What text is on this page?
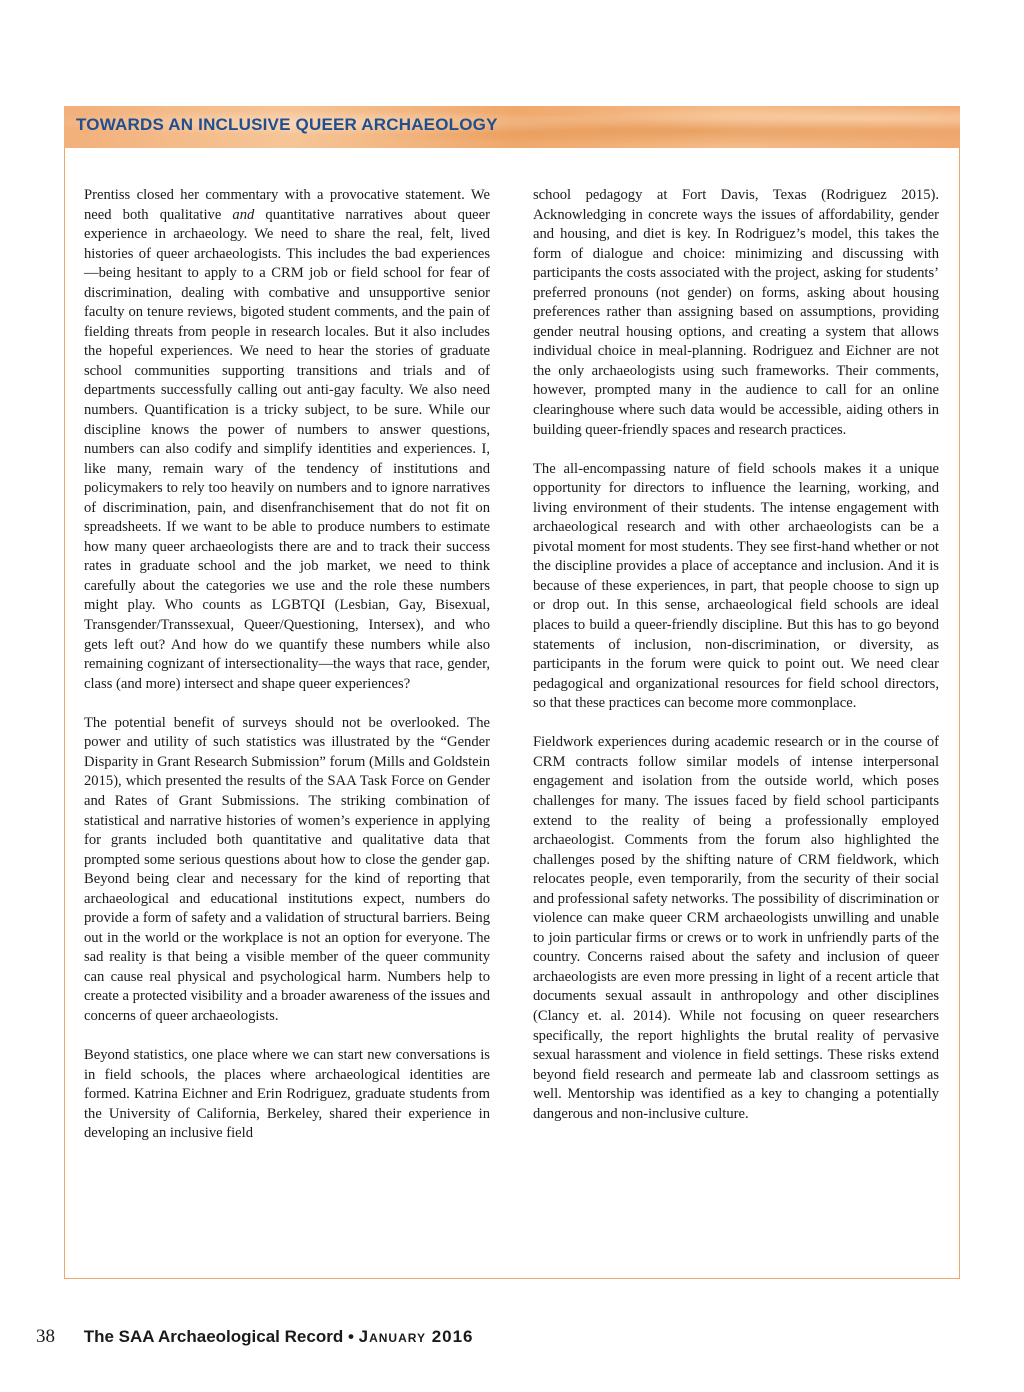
TOWARDS AN INCLUSIVE QUEER ARCHAEOLOGY

Prentiss closed her commentary with a provocative statement. We need both qualitative and quantitative narratives about queer experience in archaeology. We need to share the real, felt, lived histories of queer archaeologists. This includes the bad experiences—being hesitant to apply to a CRM job or field school for fear of discrimination, dealing with combative and unsupportive senior faculty on tenure reviews, bigoted student comments, and the pain of fielding threats from people in research locales. But it also includes the hopeful experiences. We need to hear the stories of graduate school communities supporting transitions and trials and of departments successfully calling out anti-gay faculty. We also need numbers. Quantification is a tricky subject, to be sure. While our discipline knows the power of numbers to answer questions, numbers can also codify and simplify identities and experiences. I, like many, remain wary of the tendency of institutions and policymakers to rely too heavily on numbers and to ignore narratives of discrimination, pain, and disenfranchisement that do not fit on spreadsheets. If we want to be able to produce numbers to estimate how many queer archaeologists there are and to track their success rates in graduate school and the job market, we need to think carefully about the categories we use and the role these numbers might play. Who counts as LGBTQI (Lesbian, Gay, Bisexual, Transgender/Transsexual, Queer/Questioning, Intersex), and who gets left out? And how do we quantify these numbers while also remaining cognizant of intersectionality—the ways that race, gender, class (and more) intersect and shape queer experiences?

The potential benefit of surveys should not be overlooked. The power and utility of such statistics was illustrated by the “Gender Disparity in Grant Research Submission” forum (Mills and Goldstein 2015), which presented the results of the SAA Task Force on Gender and Rates of Grant Submissions. The striking combination of statistical and narrative histories of women’s experience in applying for grants included both quantitative and qualitative data that prompted some serious questions about how to close the gender gap. Beyond being clear and necessary for the kind of reporting that archaeological and educational institutions expect, numbers do provide a form of safety and a validation of structural barriers. Being out in the world or the workplace is not an option for everyone. The sad reality is that being a visible member of the queer community can cause real physical and psychological harm. Numbers help to create a protected visibility and a broader awareness of the issues and concerns of queer archaeologists.

Beyond statistics, one place where we can start new conversations is in field schools, the places where archaeological identities are formed. Katrina Eichner and Erin Rodriguez, graduate students from the University of California, Berkeley, shared their experience in developing an inclusive field

school pedagogy at Fort Davis, Texas (Rodriguez 2015). Acknowledging in concrete ways the issues of affordability, gender and housing, and diet is key. In Rodriguez’s model, this takes the form of dialogue and choice: minimizing and discussing with participants the costs associated with the project, asking for students’ preferred pronouns (not gender) on forms, asking about housing preferences rather than assigning based on assumptions, providing gender neutral housing options, and creating a system that allows individual choice in meal-planning. Rodriguez and Eichner are not the only archaeologists using such frameworks. Their comments, however, prompted many in the audience to call for an online clearinghouse where such data would be accessible, aiding others in building queer-friendly spaces and research practices.

The all-encompassing nature of field schools makes it a unique opportunity for directors to influence the learning, working, and living environment of their students. The intense engagement with archaeological research and with other archaeologists can be a pivotal moment for most students. They see first-hand whether or not the discipline provides a place of acceptance and inclusion. And it is because of these experiences, in part, that people choose to sign up or drop out. In this sense, archaeological field schools are ideal places to build a queer-friendly discipline. But this has to go beyond statements of inclusion, non-discrimination, or diversity, as participants in the forum were quick to point out. We need clear pedagogical and organizational resources for field school directors, so that these practices can become more commonplace.

Fieldwork experiences during academic research or in the course of CRM contracts follow similar models of intense interpersonal engagement and isolation from the outside world, which poses challenges for many. The issues faced by field school participants extend to the reality of being a professionally employed archaeologist. Comments from the forum also highlighted the challenges posed by the shifting nature of CRM fieldwork, which relocates people, even temporarily, from the security of their social and professional safety networks. The possibility of discrimination or violence can make queer CRM archaeologists unwilling and unable to join particular firms or crews or to work in unfriendly parts of the country. Concerns raised about the safety and inclusion of queer archaeologists are even more pressing in light of a recent article that documents sexual assault in anthropology and other disciplines (Clancy et. al. 2014). While not focusing on queer researchers specifically, the report highlights the brutal reality of pervasive sexual harassment and violence in field settings. These risks extend beyond field research and permeate lab and classroom settings as well. Mentorship was identified as a key to changing a potentially dangerous and non-inclusive culture.

38 The SAA Archaeological Record • January 2016
